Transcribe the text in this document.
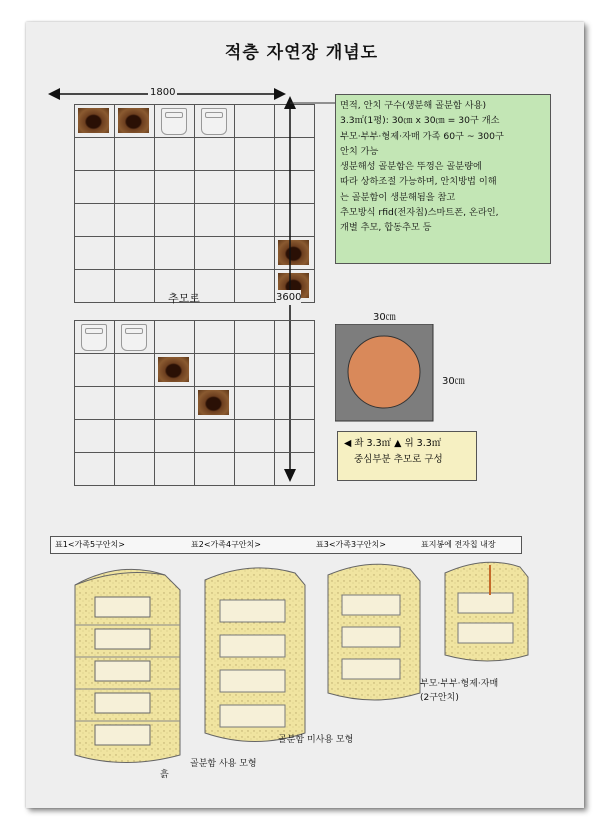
적층 자연장 개념도
1800
3600
면적, 안치 구수(생분해 골분함 사용)
3.3㎡(1평): 30㎝ x 30㎝ = 30구 개소
부모·부부·형제·자매 가족 60구 ~ 300구
안치 가능
생분해성 골분함은 뚜껑은 골분량에
따라 상하조절 가능하며, 안치방법 이해
는 골분함이 생분해됨을 참고
추모방식 rfid(전자칩)스마트폰, 온라인,
개별 추모, 합동추모 등
추모로
30㎝
30㎝
◀ 좌 3.3㎡ ▲ 위 3.3㎡
중심부분 추모로 구성
표1<가족5구안치>	표2<가족4구안치>	표3<가족3구안치>	표지봉에 전자칩 내장
부모·부부·형제·자매
(2구안치)
골분함 미사용 모형
골분함 사용 모형
흙
